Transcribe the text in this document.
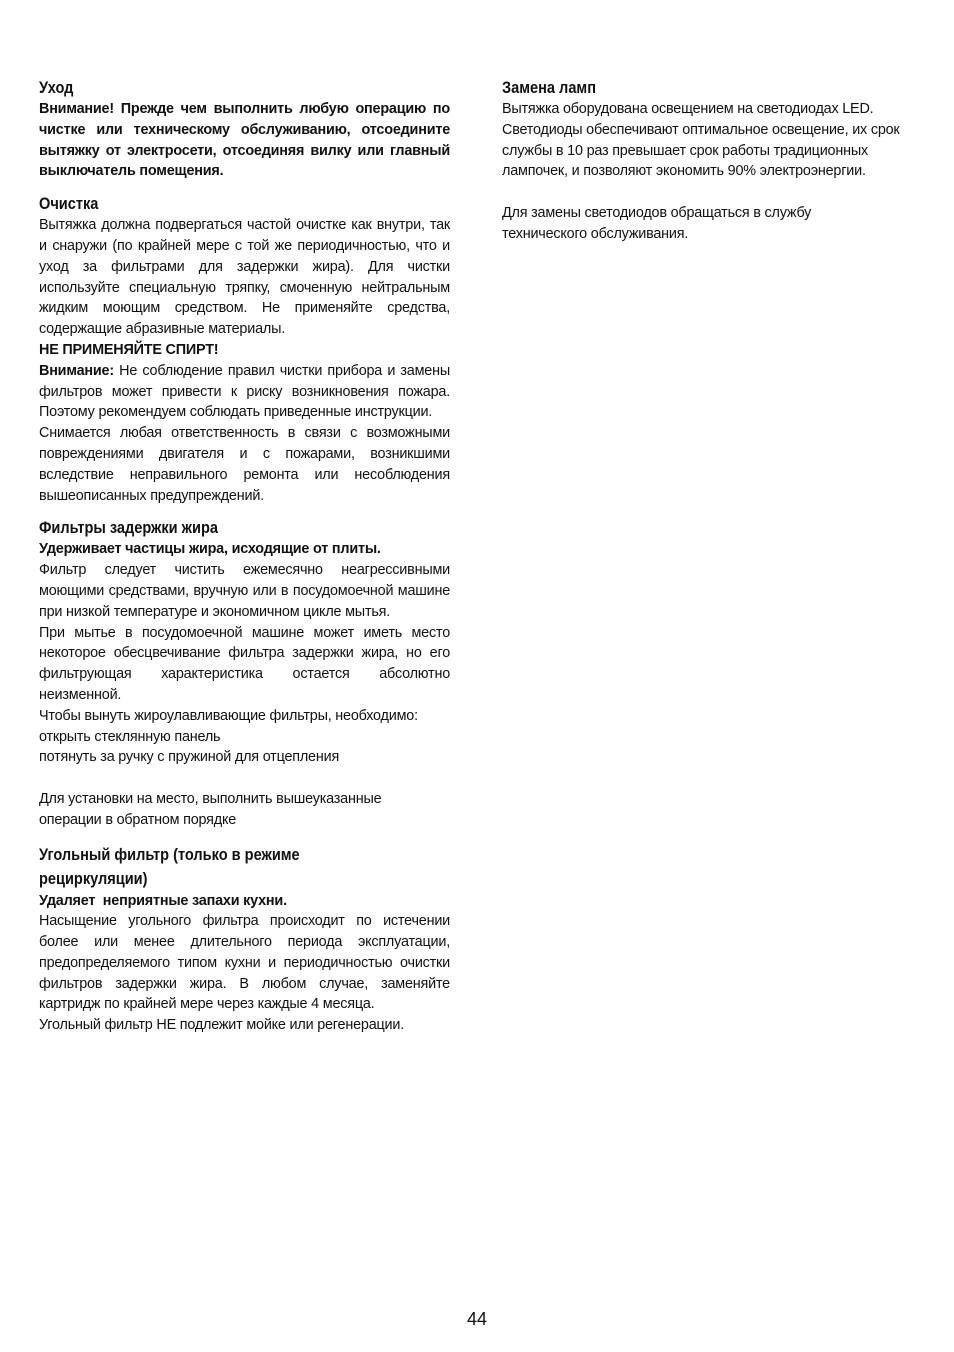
Уход

Внимание! Прежде чем выполнить любую операцию по чистке или техническому обслуживанию, отсоедините вытяжку от электросети, отсоединяя вилку или главный выключатель помещения.

Очистка

Вытяжка должна подвергаться частой очистке как внутри, так и снаружи (по крайней мере с той же периодичностью, что и уход за фильтрами для задержки жира). Для чистки используйте специальную тряпку, смоченную нейтральным жидким моющим средством. Не применяйте средства, содержащие абразивные материалы.

НЕ ПРИМЕНЯЙТЕ СПИРТ!

Внимание: Не соблюдение правил чистки прибора и замены фильтров может привести к риску возникновения пожара. Поэтому рекомендуем соблюдать приведенные инструкции.

Снимается любая ответственность в связи с возможными повреждениями двигателя и с пожарами, возникшими вследствие неправильного ремонта или несоблюдения вышеописанных предупреждений.

Фильтры задержки жира

Удерживает частицы жира, исходящие от плиты.

Фильтр следует чистить ежемесячно неагрессивными моющими средствами, вручную или в посудомоечной машине при низкой температуре и экономичном цикле мытья.

При мытье в посудомоечной машине может иметь место некоторое обесцвечивание фильтра задержки жира, но его фильтрующая характеристика остается абсолютно неизменной.

Чтобы вынуть жироулавливающие фильтры, необходимо:

открыть стеклянную панель

потянуть за ручку с пружиной для отцепления

Для установки на место, выполнить вышеуказанные операции в обратном порядке

Угольный фильтр (только в режиме
рециркуляции)

Удаляет  неприятные запахи кухни.

Насыщение угольного фильтра происходит по истечении более или менее длительного периода эксплуатации, предопределяемого типом кухни и периодичностью очистки фильтров задержки жира. В любом случае, заменяйте картридж по крайней мере через каждые 4 месяца.

Угольный фильтр НЕ подлежит мойке или регенерации.

Замена ламп

Вытяжка оборудована освещением на светодиодах LED. Светодиоды обеспечивают оптимальное освещение, их срок службы в 10 раз превышает срок работы традиционных лампочек, и позволяют экономить 90% электроэнергии.

Для замены светодиодов обращаться в службу технического обслуживания.

44
